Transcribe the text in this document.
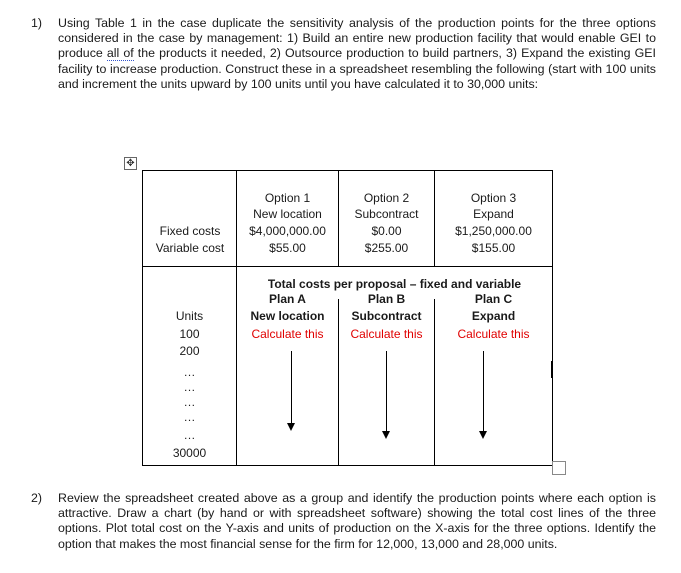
1) Using Table 1 in the case duplicate the sensitivity analysis of the production points for the three options considered in the case by management: 1) Build an entire new production facility that would enable GEI to produce all of the products it needed, 2) Outsource production to build partners, 3) Expand the existing GEI facility to increase production. Construct these in a spreadsheet resembling the following (start with 100 units and increment the units upward by 100 units until you have calculated it to 30,000 units:
✥
Fixed costs
Variable cost
Option 1
New location
$4,000,000.00
$55.00
Option 2
Subcontract
$0.00
$255.00
Option 3
Expand
$1,250,000.00
$155.00
Total costs per proposal – fixed and variable
Plan A
New location
Calculate this
Plan B
Subcontract
Calculate this
Plan C
Expand
Calculate this
Units
100
200
…
…
…
…
…
30000
2) Review the spreadsheet created above as a group and identify the production points where each option is attractive. Draw a chart (by hand or with spreadsheet software) showing the total cost lines of the three options. Plot total cost on the Y-axis and units of production on the X-axis for the three options. Identify the option that makes the most financial sense for the firm for 12,000, 13,000 and 28,000 units.
